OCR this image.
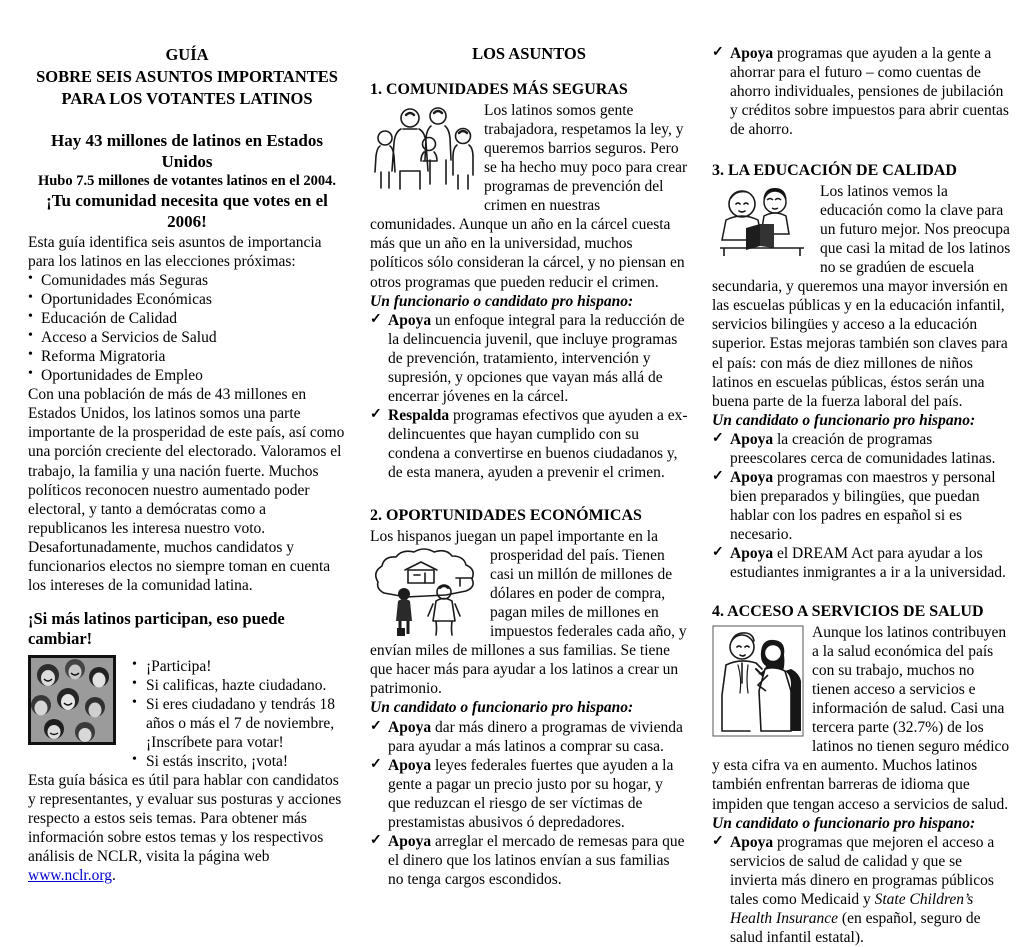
GUÍA
SOBRE SEIS ASUNTOS IMPORTANTES
PARA LOS VOTANTES LATINOS
Hay 43 millones de latinos en Estados Unidos
Hubo 7.5 millones de votantes latinos en el 2004.
¡Tu comunidad necesita que votes en el 2006!

Esta guía identifica seis asuntos de importancia para los latinos en las elecciones próximas:

• Comunidades más Seguras
• Oportunidades Económicas
• Educación de Calidad
• Acceso a Servicios de Salud
• Reforma Migratoria
• Oportunidades de Empleo

Con una población de más de 43 millones en Estados Unidos, los latinos somos una parte importante de la prosperidad de este país, así como una porción creciente del electorado. Valoramos el trabajo, la familia y una nación fuerte. Muchos políticos reconocen nuestro aumentado poder electoral, y tanto a demócratas como a republicanos les interesa nuestro voto. Desafortunadamente, muchos candidatos y funcionarios electos no siempre toman en cuenta los intereses de la comunidad latina.

¡Si más latinos participan, eso puede cambiar!
• ¡Participa!
• Si calificas, hazte ciudadano.
• Si eres ciudadano y tendrás 18 años o más el 7 de noviembre, ¡Inscríbete para votar!
• Si estás inscrito, ¡vota!

Esta guía básica es útil para hablar con candidatos y representantes, y evaluar sus posturas y acciones respecto a estos seis temas. Para obtener más información sobre estos temas y los respectivos análisis de NCLR, visita la página web www.nclr.org.

LOS ASUNTOS
1. COMUNIDADES MÁS SEGURAS
Los latinos somos gente trabajadora, respetamos la ley, y queremos barrios seguros. Pero se ha hecho muy poco para crear programas de prevención del crimen en nuestras comunidades. Aunque un año en la cárcel cuesta más que un año en la universidad, muchos políticos sólo consideran la cárcel, y no piensan en otros programas que pueden reducir el crimen.
Un funcionario o candidato pro hispano:
✓ Apoya un enfoque integral para la reducción de la delincuencia juvenil, que incluye programas de prevención, tratamiento, intervención y supresión, y opciones que vayan más allá de encerrar jóvenes en la cárcel.
✓ Respalda programas efectivos que ayuden a ex-delincuentes que hayan cumplido con su condena a convertirse en buenos ciudadanos y, de esta manera, ayuden a prevenir el crimen.
2. OPORTUNIDADES ECONÓMICAS
Los hispanos juegan un papel importante en la
prosperidad del país. Tienen casi un millón de millones de dólares en poder de compra, pagan miles de millones en impuestos federales cada año, y envían miles de millones a sus familias. Se tiene que hacer más para ayudar a los latinos a crear un patrimonio.
Un candidato o funcionario pro hispano:
✓ Apoya dar más dinero a programas de vivienda para ayudar a más latinos a comprar su casa.
✓ Apoya leyes federales fuertes que ayuden a la gente a pagar un precio justo por su hogar, y que reduzcan el riesgo de ser víctimas de prestamistas abusivos ó depredadores.
✓ Apoya arreglar el mercado de remesas para que el dinero que los latinos envían a sus familias no tenga cargos escondidos.
✓ Apoya programas que ayuden a la gente a ahorrar para el futuro – como cuentas de ahorro individuales, pensiones de jubilación y créditos sobre impuestos para abrir cuentas de ahorro.
3. LA EDUCACIÓN DE CALIDAD
Los latinos vemos la educación como la clave para un futuro mejor. Nos preocupa que casi la mitad de los latinos no se gradúen de escuela secundaria, y queremos una mayor inversión en las escuelas públicas y en la educación infantil, servicios bilingües y acceso a la educación superior. Estas mejoras también son claves para el país: con más de diez millones de niños latinos en escuelas públicas, éstos serán una buena parte de la fuerza laboral del país.
Un candidato o funcionario pro hispano:
✓ Apoya la creación de programas preescolares cerca de comunidades latinas.
✓ Apoya programas con maestros y personal bien preparados y bilingües, que puedan hablar con los padres en español si es necesario.
✓ Apoya el DREAM Act para ayudar a los estudiantes inmigrantes a ir a la universidad.
4. ACCESO A SERVICIOS DE SALUD
Aunque los latinos contribuyen a la salud económica del país con su trabajo, muchos no tienen acceso a servicios e información de salud. Casi una tercera parte (32.7%) de los latinos no tienen seguro médico y esta cifra va en aumento. Muchos latinos también enfrentan barreras de idioma que impiden que tengan acceso a servicios de salud.
Un candidato o funcionario pro hispano:
✓ Apoya programas que mejoren el acceso a servicios de salud de calidad y que se invierta más dinero en programas públicos tales como Medicaid y State Children’s Health Insurance (en español, seguro de salud infantil estatal).
